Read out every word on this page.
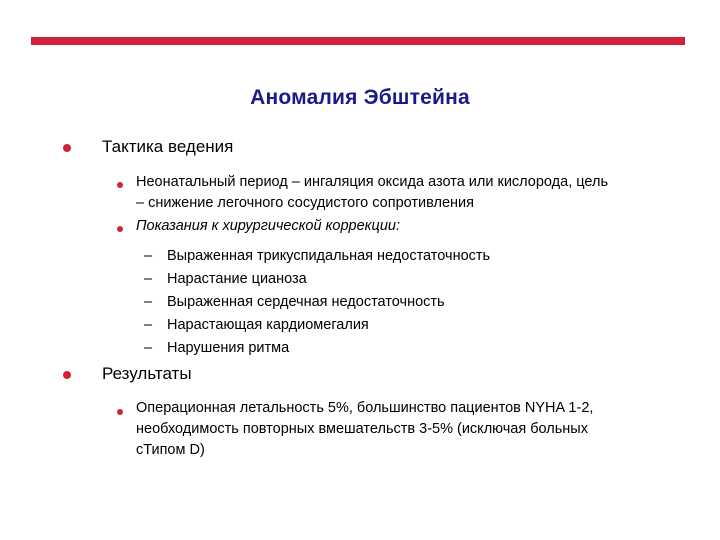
Аномалия Эбштейна
Тактика ведения
Неонатальный период – ингаляция оксида азота или кислорода, цель
– снижение легочного сосудистого сопротивления
Показания к хирургической коррекции:
– Выраженная трикуспидальная недостаточность
– Нарастание цианоза
– Выраженная сердечная недостаточность
– Нарастающая кардиомегалия
– Нарушения ритма
Результаты
Операционная летальность 5%, большинство пациентов NYHA 1-2,
необходимость повторных вмешательств 3-5% (исключая больных
сТипом D)
